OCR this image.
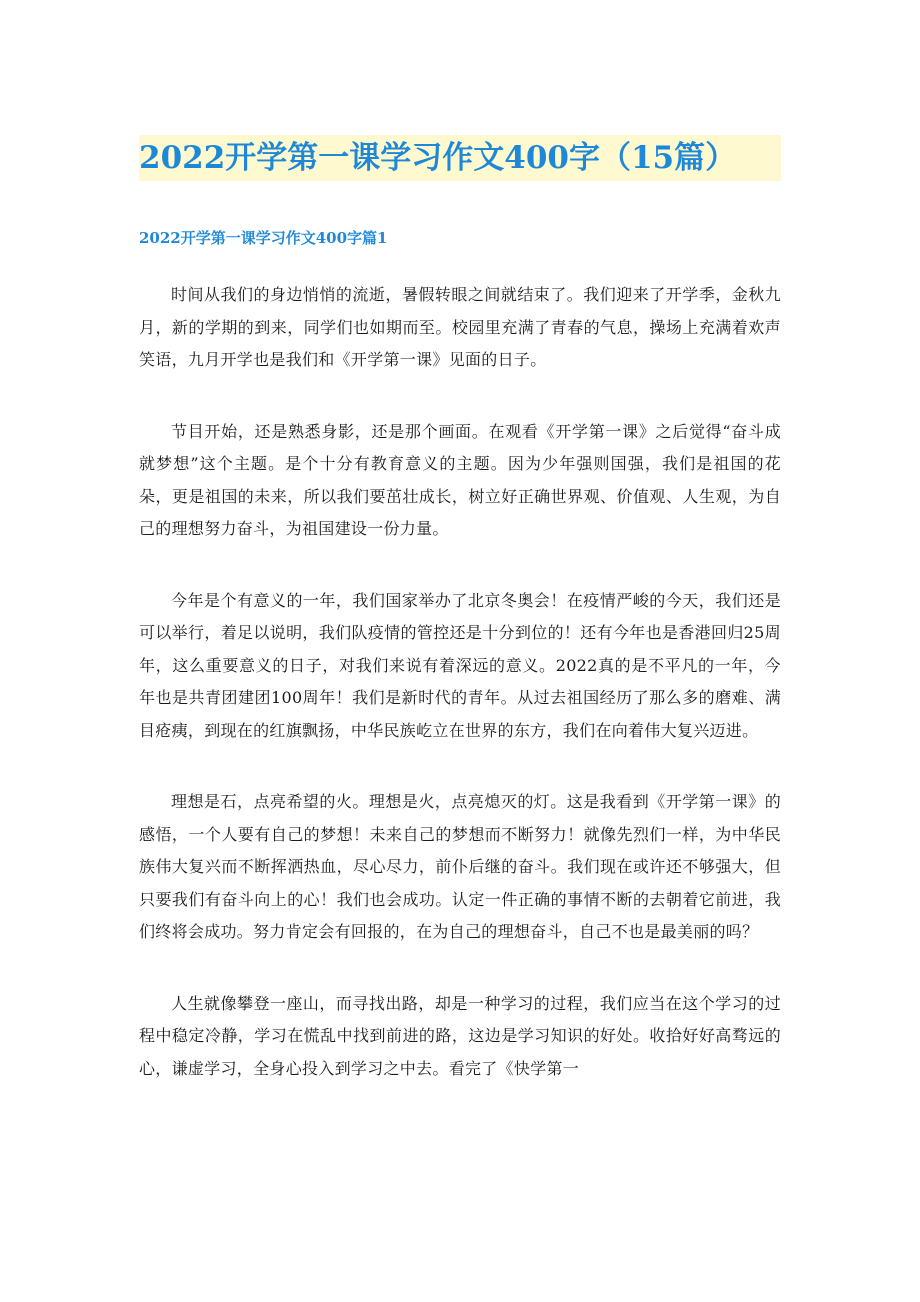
2022开学第一课学习作文400字（15篇）
2022开学第一课学习作文400字篇1

时间从我们的身边悄悄的流逝，暑假转眼之间就结束了。我们迎来了开学季，金秋九月，新的学期的到来，同学们也如期而至。校园里充满了青春的气息，操场上充满着欢声笑语，九月开学也是我们和《开学第一课》见面的日子。

节目开始，还是熟悉身影，还是那个画面。在观看《开学第一课》之后觉得“奋斗成就梦想”这个主题。是个十分有教育意义的主题。因为少年强则国强，我们是祖国的花朵，更是祖国的未来，所以我们要茁壮成长，树立好正确世界观、价值观、人生观，为自己的理想努力奋斗，为祖国建设一份力量。

今年是个有意义的一年，我们国家举办了北京冬奥会！在疫情严峻的今天，我们还是可以举行，着足以说明，我们队疫情的管控还是十分到位的！还有今年也是香港回归25周年，这么重要意义的日子，对我们来说有着深远的意义。2022真的是不平凡的一年，今年也是共青团建团100周年！我们是新时代的青年。从过去祖国经历了那么多的磨难、满目疮痍，到现在的红旗飘扬，中华民族屹立在世界的东方，我们在向着伟大复兴迈进。

理想是石，点亮希望的火。理想是火，点亮熄灭的灯。这是我看到《开学第一课》的感悟，一个人要有自己的梦想！未来自己的梦想而不断努力！就像先烈们一样，为中华民族伟大复兴而不断挥洒热血，尽心尽力，前仆后继的奋斗。我们现在或许还不够强大，但只要我们有奋斗向上的心！我们也会成功。认定一件正确的事情不断的去朝着它前进，我们终将会成功。努力肯定会有回报的，在为自己的理想奋斗，自己不也是最美丽的吗？

人生就像攀登一座山，而寻找出路，却是一种学习的过程，我们应当在这个学习的过程中稳定冷静，学习在慌乱中找到前进的路，这边是学习知识的好处。收拾好好高骛远的心，谦虚学习，全身心投入到学习之中去。看完了《快学第一
